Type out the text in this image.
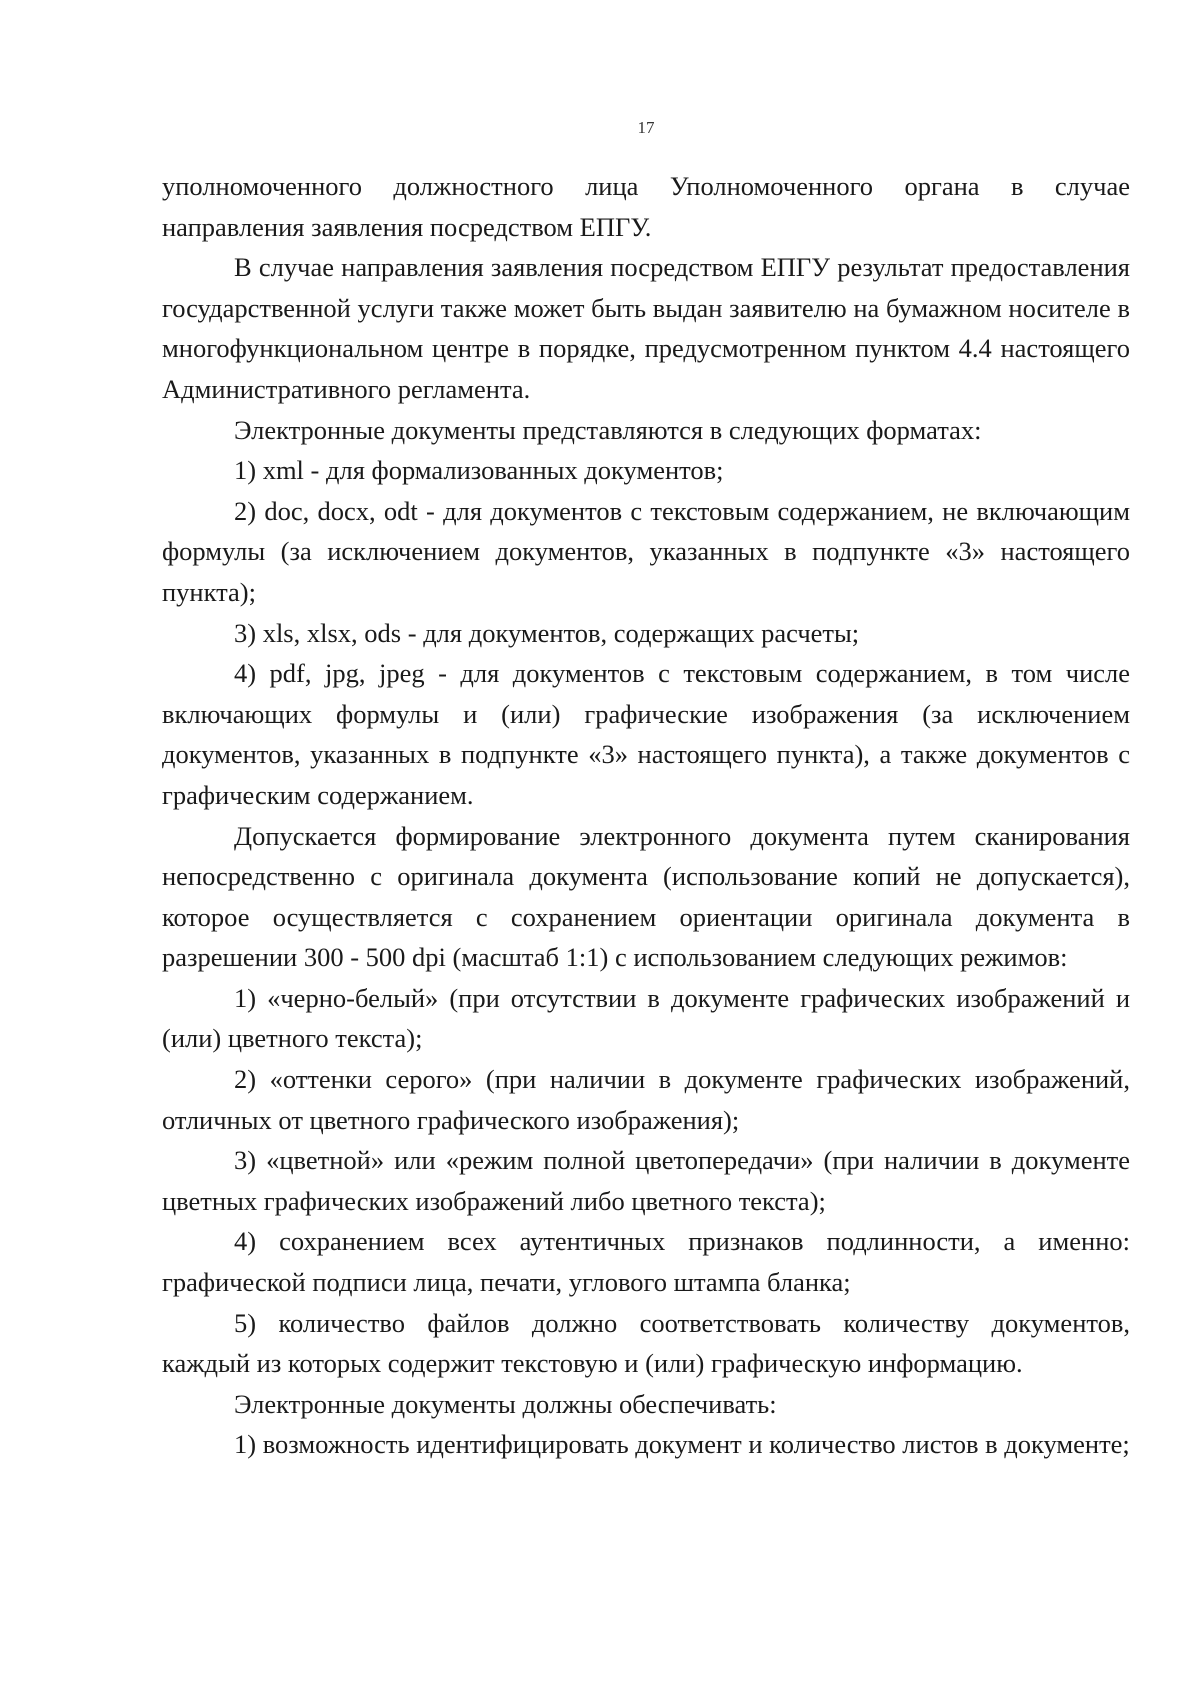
17

уполномоченного должностного лица Уполномоченного органа в случае направления заявления посредством ЕПГУ.

В случае направления заявления посредством ЕПГУ результат предоставления государственной услуги также может быть выдан заявителю на бумажном носителе в многофункциональном центре в порядке, предусмотренном пунктом 4.4 настоящего Административного регламента.

Электронные документы представляются в следующих форматах:

1) xml - для формализованных документов;

2) doc, docx, odt - для документов с текстовым содержанием, не включающим формулы (за исключением документов, указанных в подпункте «3» настоящего пункта);

3) xls, xlsx, ods - для документов, содержащих расчеты;

4) pdf, jpg, jpeg - для документов с текстовым содержанием, в том числе включающих формулы и (или) графические изображения (за исключением документов, указанных в подпункте «3» настоящего пункта), а также документов с графическим содержанием.

Допускается формирование электронного документа путем сканирования непосредственно с оригинала документа (использование копий не допускается), которое осуществляется с сохранением ориентации оригинала документа в разрешении 300 - 500 dpi (масштаб 1:1) с использованием следующих режимов:

1) «черно-белый» (при отсутствии в документе графических изображений и (или) цветного текста);

2) «оттенки серого» (при наличии в документе графических изображений, отличных от цветного графического изображения);

3) «цветной» или «режим полной цветопередачи» (при наличии в документе цветных графических изображений либо цветного текста);

4) сохранением всех аутентичных признаков подлинности, а именно: графической подписи лица, печати, углового штампа бланка;

5) количество файлов должно соответствовать количеству документов, каждый из которых содержит текстовую и (или) графическую информацию.

Электронные документы должны обеспечивать:

1) возможность идентифицировать документ и количество листов в документе;
